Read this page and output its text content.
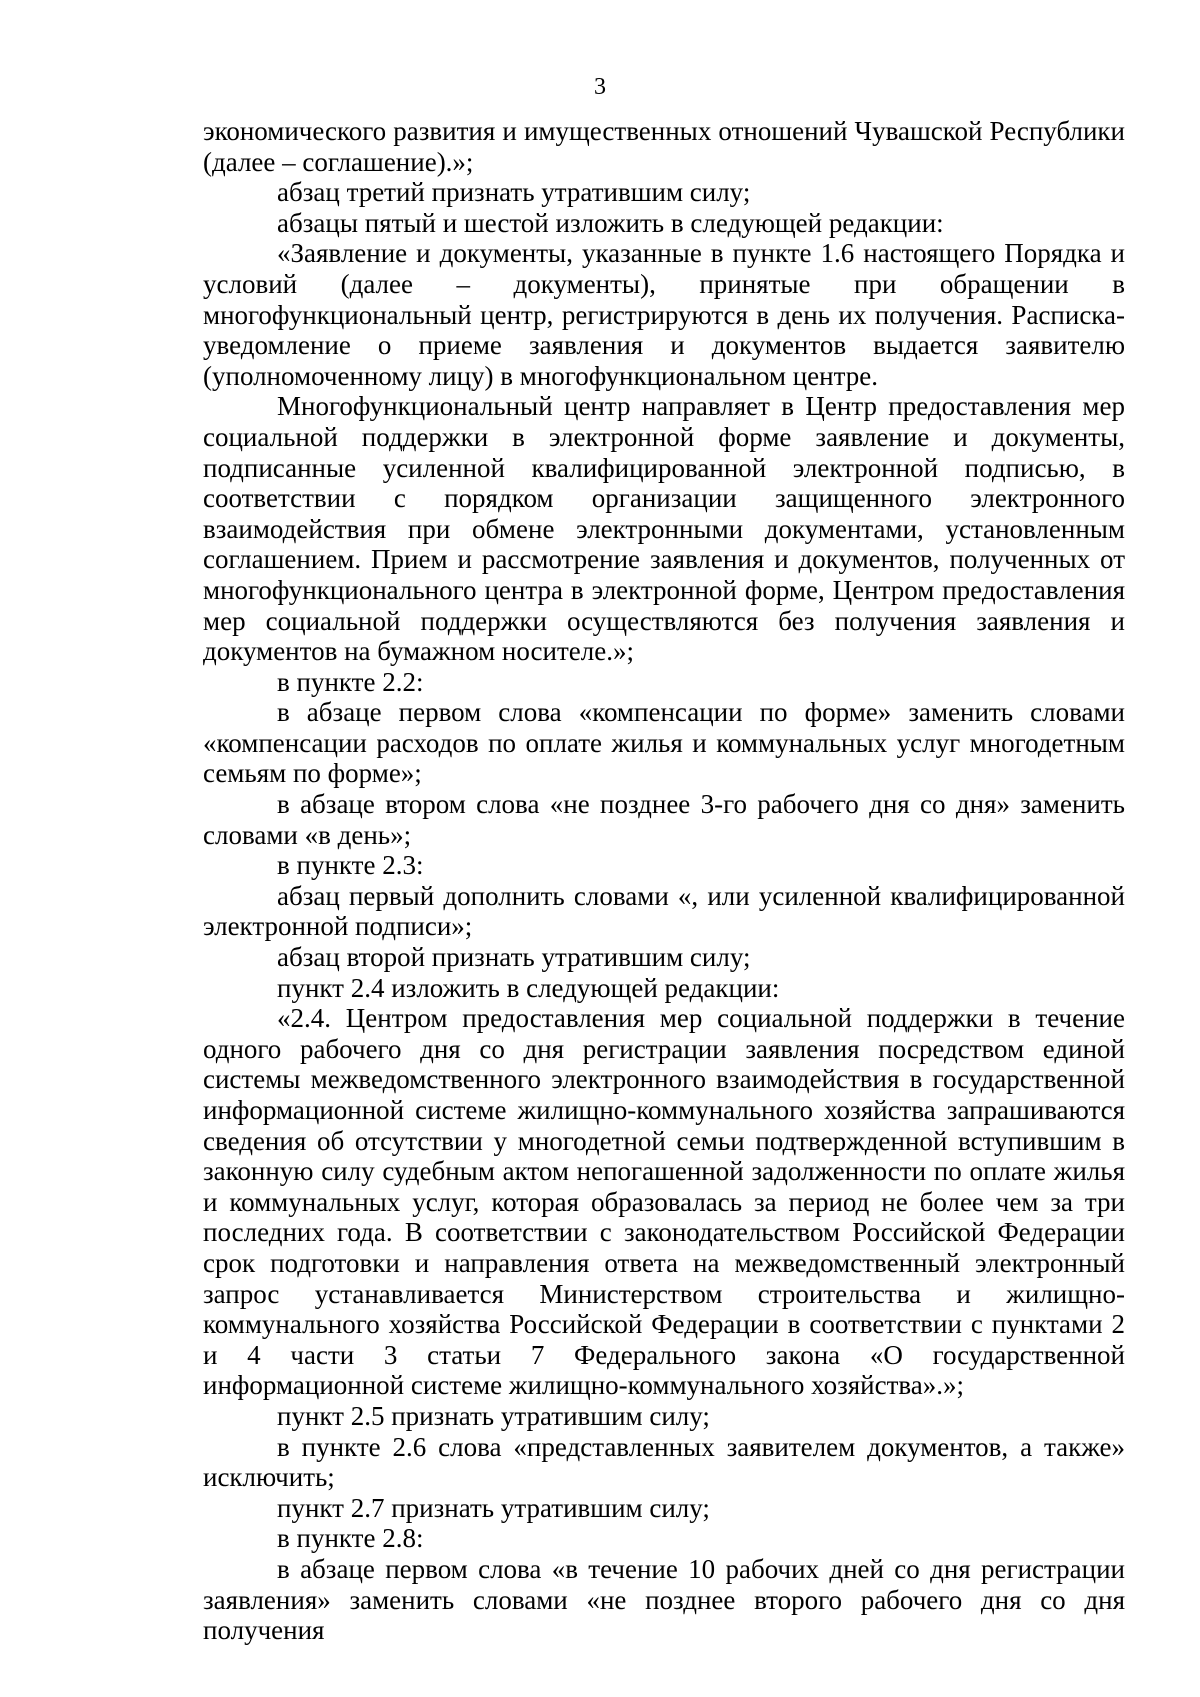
3

экономического развития и имущественных отношений Чувашской Республики (далее – соглашение).»;

абзац третий признать утратившим силу;

абзацы пятый и шестой изложить в следующей редакции:

«Заявление и документы, указанные в пункте 1.6 настоящего Порядка и условий (далее – документы), принятые при обращении в многофункциональный центр, регистрируются в день их получения. Расписка-уведомление о приеме заявления и документов выдается заявителю (уполномоченному лицу) в многофункциональном центре.

Многофункциональный центр направляет в Центр предоставления мер социальной поддержки в электронной форме заявление и документы, подписанные усиленной квалифицированной электронной подписью, в соответствии с порядком организации защищенного электронного взаимодействия при обмене электронными документами, установленным соглашением. Прием и рассмотрение заявления и документов, полученных от многофункционального центра в электронной форме, Центром предоставления мер социальной поддержки осуществляются без получения заявления и документов на бумажном носителе.»;

в пункте 2.2:

в абзаце первом слова «компенсации по форме» заменить словами «компенсации расходов по оплате жилья и коммунальных услуг многодетным семьям по форме»;

в абзаце втором слова «не позднее 3-го рабочего дня со дня» заменить словами «в день»;

в пункте 2.3:

абзац первый дополнить словами «, или усиленной квалифицированной электронной подписи»;

абзац второй признать утратившим силу;

пункт 2.4 изложить в следующей редакции:

«2.4. Центром предоставления мер социальной поддержки в течение одного рабочего дня со дня регистрации заявления посредством единой системы межведомственного электронного взаимодействия в государственной информационной системе жилищно-коммунального хозяйства запрашиваются сведения об отсутствии у многодетной семьи подтвержденной вступившим в законную силу судебным актом непогашенной задолженности по оплате жилья и коммунальных услуг, которая образовалась за период не более чем за три последних года. В соответствии с законодательством Российской Федерации срок подготовки и направления ответа на межведомственный электронный запрос устанавливается Министерством строительства и жилищно-коммунального хозяйства Российской Федерации в соответствии с пунктами 2 и 4 части 3 статьи 7 Федерального закона «О государственной информационной системе жилищно-коммунального хозяйства».»;

пункт 2.5 признать утратившим силу;

в пункте 2.6 слова «представленных заявителем документов, а также» исключить;

пункт 2.7 признать утратившим силу;

в пункте 2.8:

в абзаце первом слова «в течение 10 рабочих дней со дня регистрации заявления» заменить словами «не позднее второго рабочего дня со дня получения
